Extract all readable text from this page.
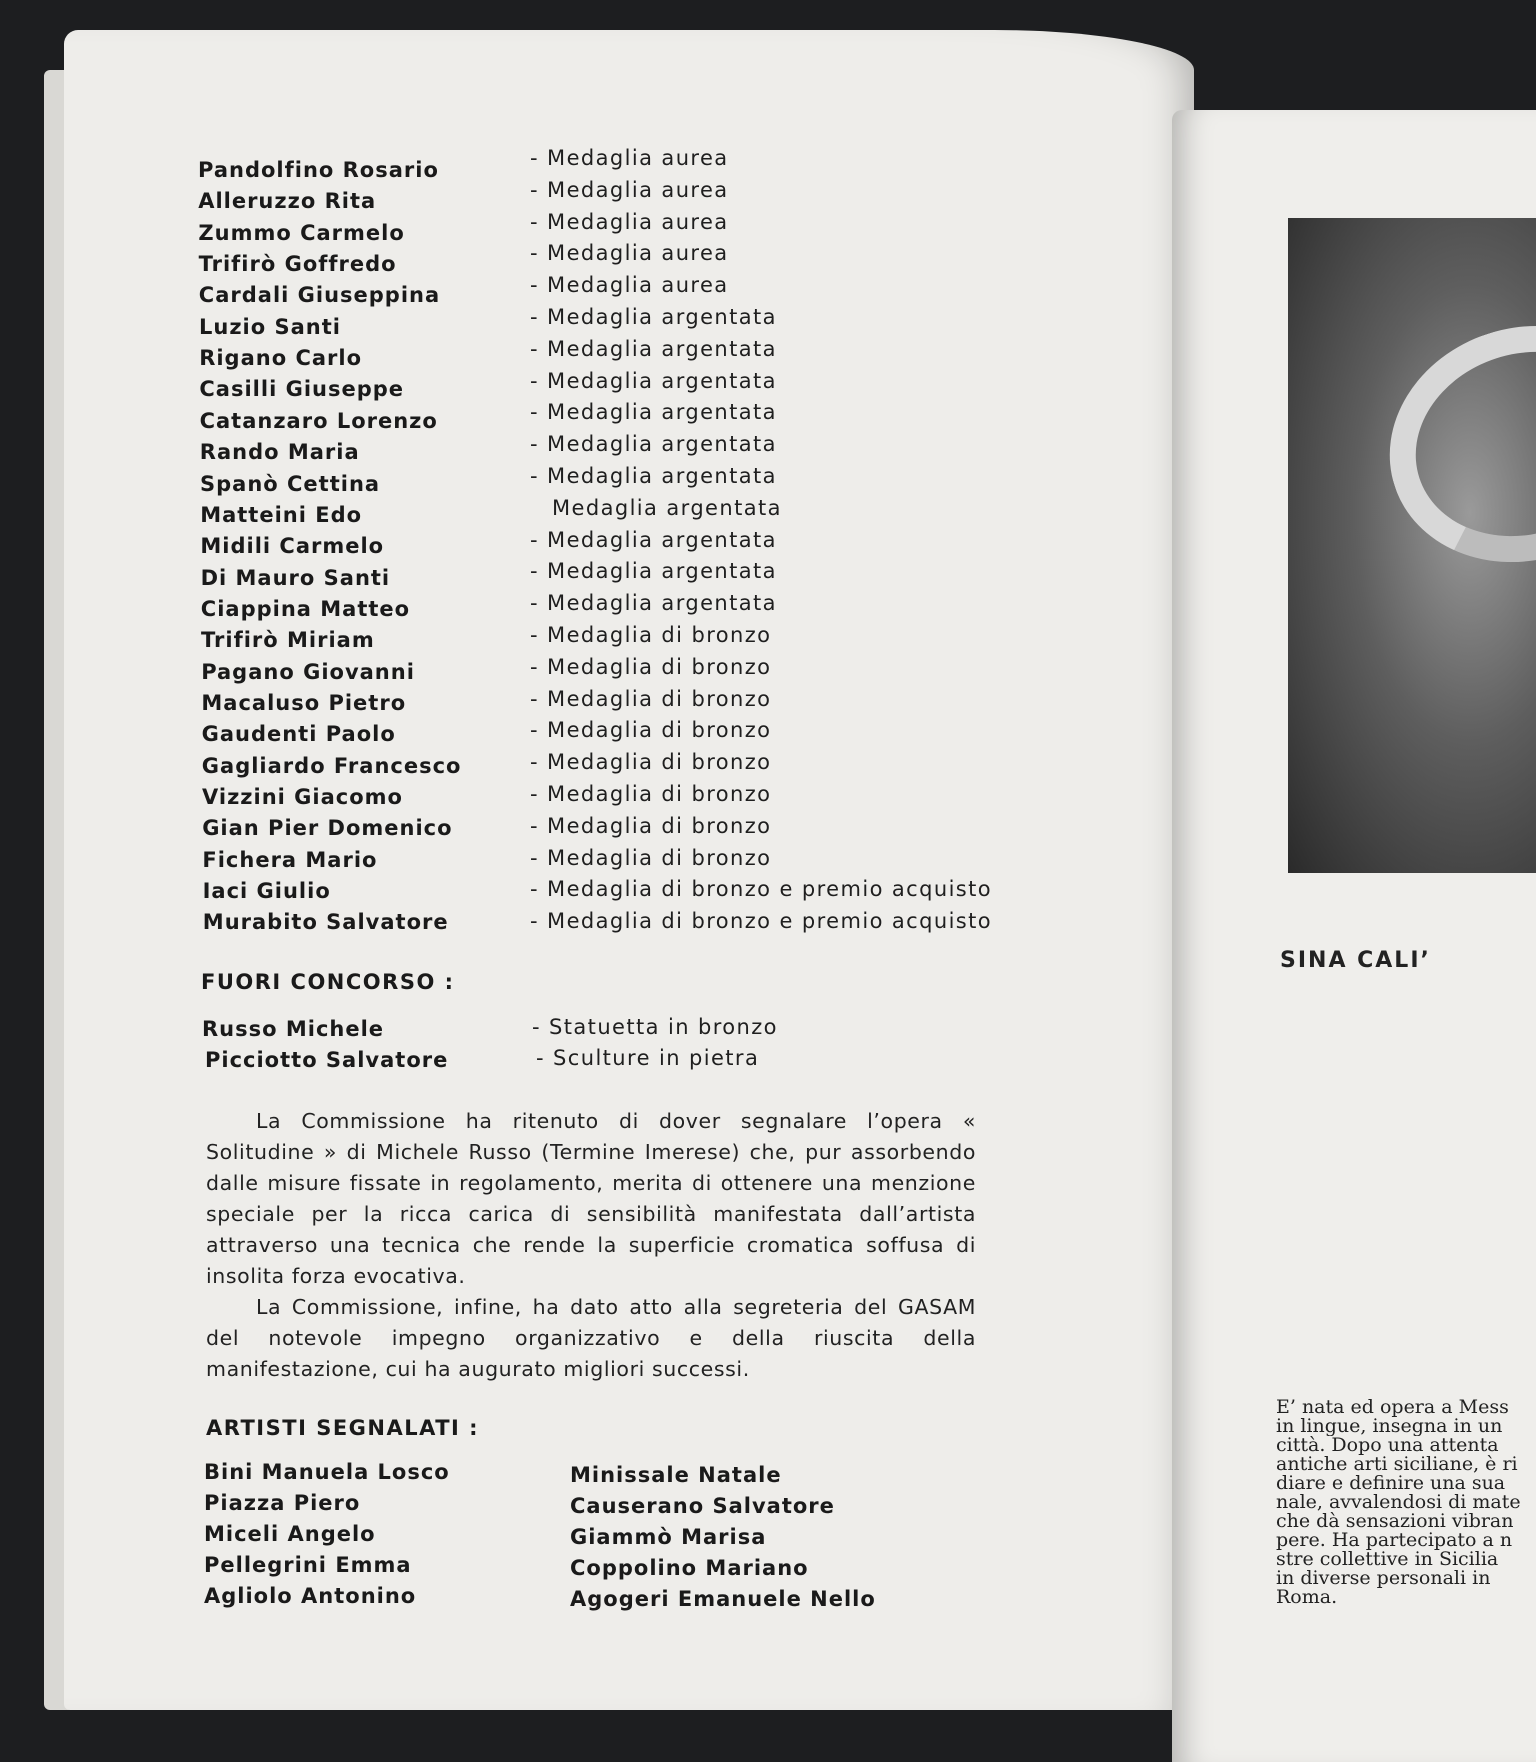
Pandolfino Rosario	- Medaglia aurea
Alleruzzo Rita	- Medaglia aurea
Zummo Carmelo	- Medaglia aurea
Trifirò Goffredo	- Medaglia aurea
Cardali Giuseppina	- Medaglia aurea
Luzio Santi	- Medaglia argentata
Rigano Carlo	- Medaglia argentata
Casilli Giuseppe	- Medaglia argentata
Catanzaro Lorenzo	- Medaglia argentata
Rando Maria	- Medaglia argentata
Spanò Cettina	- Medaglia argentata
Matteini Edo	Medaglia argentata
Midili Carmelo	- Medaglia argentata
Di Mauro Santi	- Medaglia argentata
Ciappina Matteo	- Medaglia argentata
Trifirò Miriam	- Medaglia di bronzo
Pagano Giovanni	- Medaglia di bronzo
Macaluso Pietro	- Medaglia di bronzo
Gaudenti Paolo	- Medaglia di bronzo
Gagliardo Francesco	- Medaglia di bronzo
Vizzini Giacomo	- Medaglia di bronzo
Gian Pier Domenico	- Medaglia di bronzo
Fichera Mario	- Medaglia di bronzo
Iaci Giulio	- Medaglia di bronzo e premio acquisto
Murabito Salvatore	- Medaglia di bronzo e premio acquisto
FUORI CONCORSO :
Russo Michele	- Statuetta in bronzo
Picciotto Salvatore	- Sculture in pietra

La Commissione ha ritenuto di dover segnalare l’opera « Solitudine » di Michele Russo (Termine Imerese) che, pur assorbendo dalle misure fissate in regolamento, merita di ottenere una menzione speciale per la ricca carica di sensibilità manifestata dall’artista attraverso una tecnica che rende la superficie cromatica soffusa di insolita forza evocativa.

La Commissione, infine, ha dato atto alla segreteria del GASAM del notevole impegno organizzativo e della riuscita della manifestazione, cui ha augurato migliori successi.

ARTISTI SEGNALATI :
Bini Manuela Losco
Piazza Piero
Miceli Angelo
Pellegrini Emma
Agliolo Antonino
Minissale Natale
Causerano Salvatore
Giammò Marisa
Coppolino Mariano
Agogeri Emanuele Nello
SINA CALI’
E’ nata ed opera a Mess
in lingue, insegna in un
città. Dopo una attenta
antiche arti siciliane, è ri
diare e definire una sua
nale, avvalendosi di mate
che dà sensazioni vibran
pere. Ha partecipato a n
stre collettive in Sicilia
in diverse personali in
Roma.
